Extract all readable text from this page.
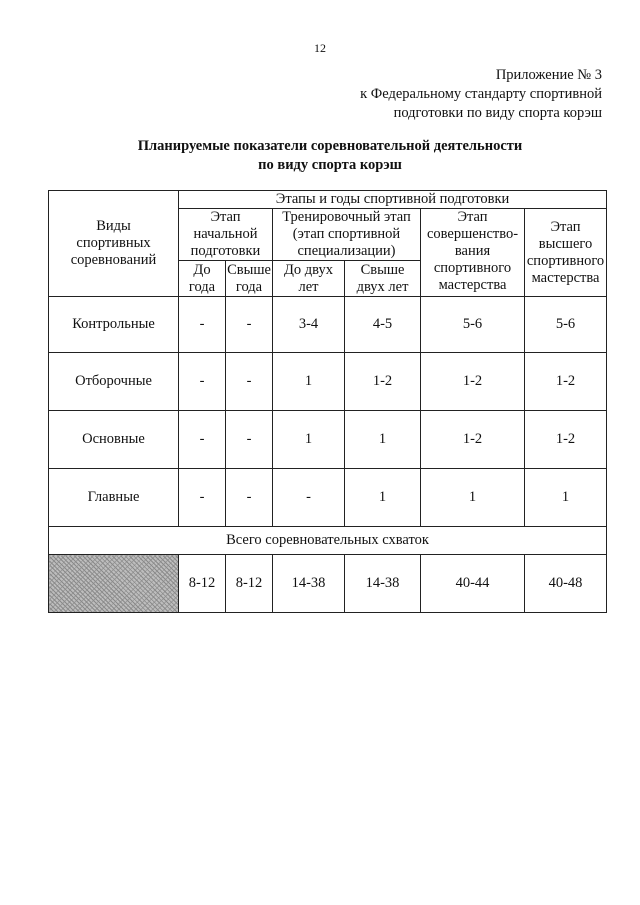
12
Приложение № 3
к Федеральному стандарту спортивной
подготовки по виду спорта корэш
Планируемые показатели соревновательной деятельности
по виду спорта корэш
Виды
спортивных
соревнований	Этапы и годы спортивной подготовки					

	Этап
начальной
подготовки		Тренировочный этап
(этап спортивной
специализации)		Этап
совершенство-
вания
спортивного
мастерства	Этап
высшего
спортивного
мастерства

	До
года	Свыше
года	До двух
лет	Свыше
двух лет		

Контрольные	-	-	3-4	4-5	5-6	5-6
Отборочные	-	-	1	1-2	1-2	1-2
Основные	-	-	1	1	1-2	1-2
Главные	-	-	-	1	1	1
Всего соревновательных схваток						
	8-12	8-12	14-38	14-38	40-44	40-48
